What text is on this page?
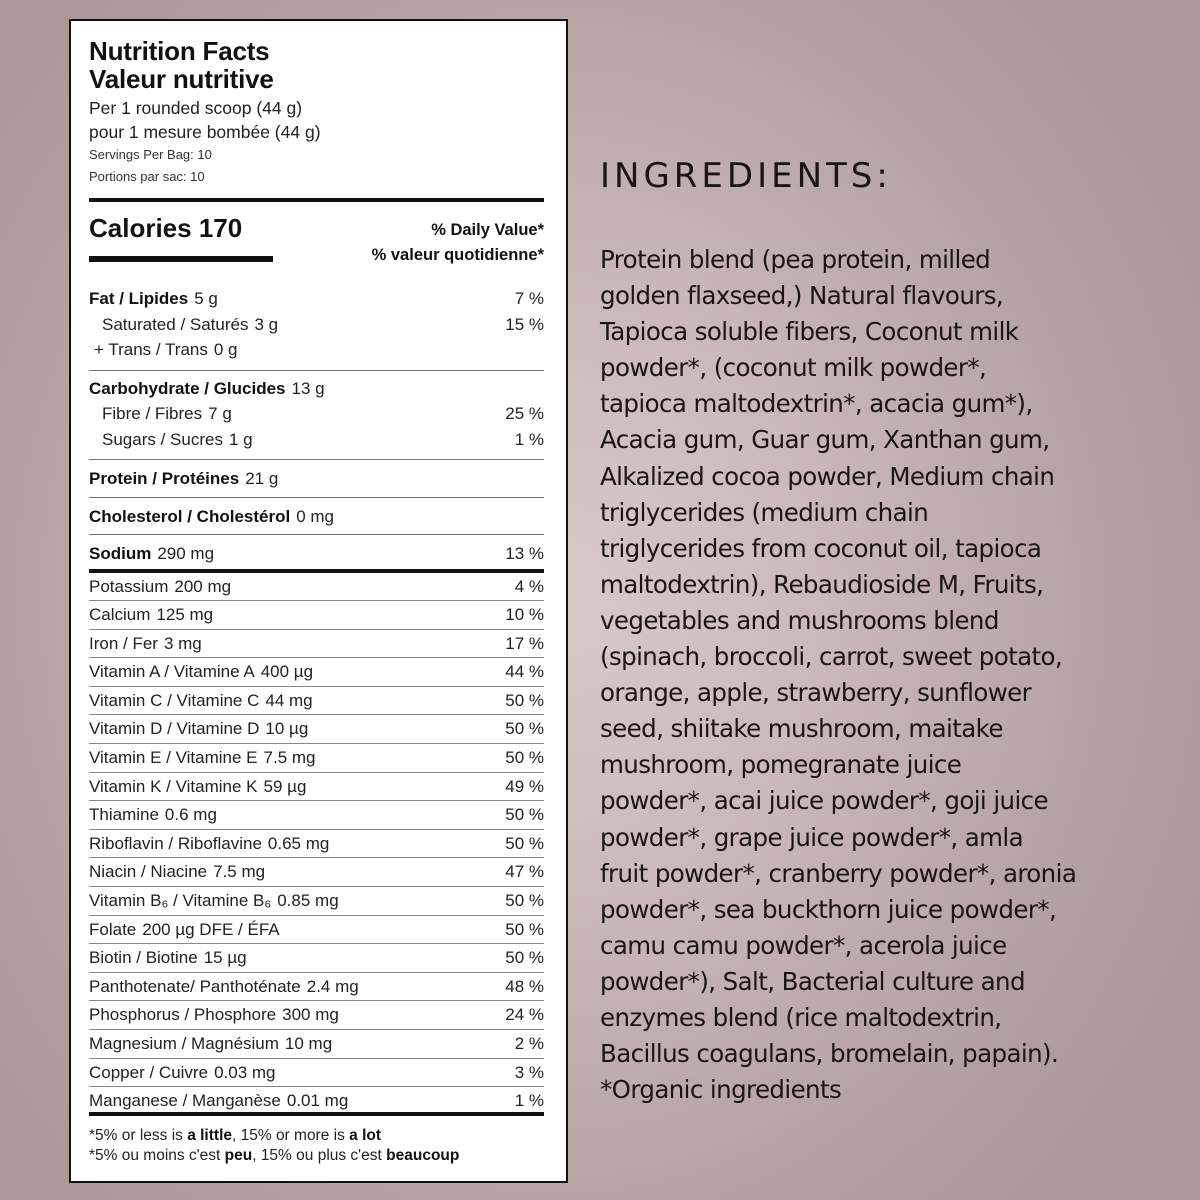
Nutrition Facts
Valeur nutritive
Per 1 rounded scoop (44 g)
pour 1 mesure bombée (44 g)
Servings Per Bag: 10
Portions par sac: 10
Calories 170	% Daily Value*
% valeur quotidienne*
Fat / Lipides 5 g	7 %
Saturated / Saturés 3 g	15 %
+ Trans / Trans 0 g
Carbohydrate / Glucides 13 g
Fibre / Fibres 7 g	25 %
Sugars / Sucres 1 g	1 %
Protein / Protéines 21 g
Cholesterol / Cholestérol 0 mg
Sodium 290 mg	13 %
Potassium 200 mg	4 %
Calcium 125 mg	10 %
Iron / Fer 3 mg	17 %
Vitamin A / Vitamine A 400 µg	44 %
Vitamin C / Vitamine C 44 mg	50 %
Vitamin D / Vitamine D 10 µg	50 %
Vitamin E / Vitamine E 7.5 mg	50 %
Vitamin K / Vitamine K 59 µg	49 %
Thiamine 0.6 mg	50 %
Riboflavin / Riboflavine 0.65 mg	50 %
Niacin / Niacine 7.5 mg	47 %
Vitamin B₆ / Vitamine B₆ 0.85 mg	50 %
Folate 200 µg DFE / ÉFA	50 %
Biotin / Biotine 15 µg	50 %
Panthotenate/ Panthoténate 2.4 mg	48 %
Phosphorus / Phosphore 300 mg	24 %
Magnesium / Magnésium 10 mg	2 %
Copper / Cuivre 0.03 mg	3 %
Manganese / Manganèse 0.01 mg	1 %
*5% or less is a little, 15% or more is a lot
*5% ou moins c'est peu, 15% ou plus c'est beaucoup
INGREDIENTS:
Protein blend (pea protein, milled
golden flaxseed,) Natural flavours,
Tapioca soluble fibers, Coconut milk
powder*, (coconut milk powder*,
tapioca maltodextrin*, acacia gum*),
Acacia gum, Guar gum, Xanthan gum,
Alkalized cocoa powder, Medium chain
triglycerides (medium chain
triglycerides from coconut oil, tapioca
maltodextrin), Rebaudioside M, Fruits,
vegetables and mushrooms blend
(spinach, broccoli, carrot, sweet potato,
orange, apple, strawberry, sunflower
seed, shiitake mushroom, maitake
mushroom, pomegranate juice
powder*, acai juice powder*, goji juice
powder*, grape juice powder*, amla
fruit powder*, cranberry powder*, aronia
powder*, sea buckthorn juice powder*,
camu camu powder*, acerola juice
powder*), Salt, Bacterial culture and
enzymes blend (rice maltodextrin,
Bacillus coagulans, bromelain, papain).
*Organic ingredients
